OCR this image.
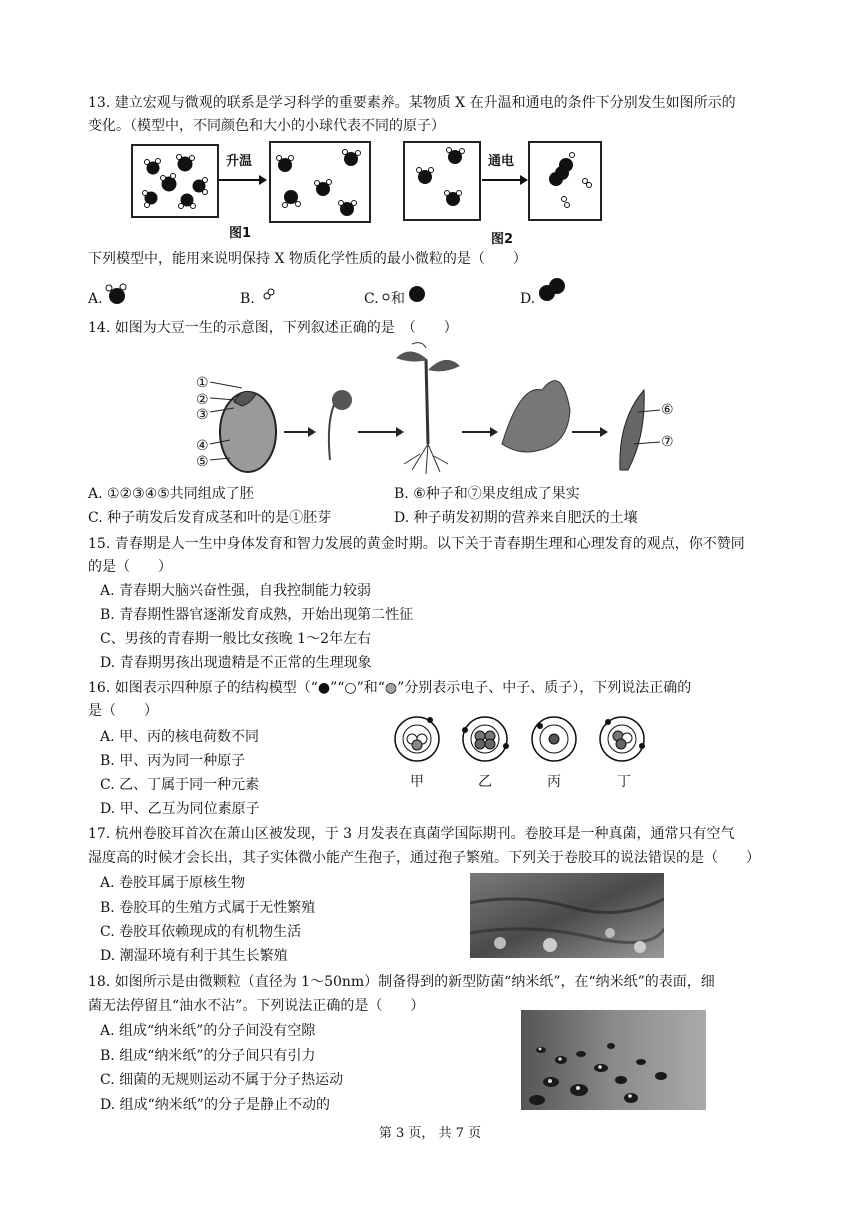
13. 建立宏观与微观的联系是学习科学的重要素养。某物质 X 在升温和通电的条件下分别发生如图所示的
变化。（模型中，不同颜色和大小的小球代表不同的原子）
升温
图1
通电
图2
下列模型中，能用来说明保持 X 物质化学性质的最小微粒的是（　　）
A.	B.	C. 和	D.
14. 如图为大豆一生的示意图，下列叙述正确的是　（　　）
①
②
③
④
⑤
⑥
⑦
A. ①②③④⑤共同组成了胚	B. ⑥种子和⑦果皮组成了果实
C. 种子萌发后发育成茎和叶的是①胚芽	D. 种子萌发初期的营养来自肥沃的土壤
15. 青春期是人一生中身体发育和智力发展的黄金时期。以下关于青春期生理和心理发育的观点，你不赞同
的是（　　）
A. 青春期大脑兴奋性强，自我控制能力较弱
B. 青春期性器官逐渐发育成熟，开始出现第二性征
C、男孩的青春期一般比女孩晚 1～2年左右
D. 青春期男孩出现遗精是不正常的生理现象
16. 如图表示四种原子的结构模型（“●”“○”和“◍”分别表示电子、中子、质子），下列说法正确的
是（　　）
A. 甲、丙的核电荷数不同
B. 甲、丙为同一种原子
C. 乙、丁属于同一种元素
D. 甲、乙互为同位素原子
甲	乙	丙	丁
17. 杭州卷胶耳首次在萧山区被发现，于 3 月发表在真菌学国际期刊。卷胶耳是一种真菌，通常只有空气
湿度高的时候才会长出，其子实体微小能产生孢子，通过孢子繁殖。下列关于卷胶耳的说法错误的是（　　）
A. 卷胶耳属于原核生物
B. 卷胶耳的生殖方式属于无性繁殖
C. 卷胶耳依赖现成的有机物生活
D. 潮湿环境有利于其生长繁殖
18. 如图所示是由微颗粒（直径为 1～50nm）制备得到的新型防菌“纳米纸”，在“纳米纸”的表面，细
菌无法停留且“油水不沾”。下列说法正确的是（　　）
A. 组成“纳米纸”的分子间没有空隙
B. 组成“纳米纸”的分子间只有引力
C. 细菌的无规则运动不属于分子热运动
D. 组成“纳米纸”的分子是静止不动的
第 3 页， 共 7 页
